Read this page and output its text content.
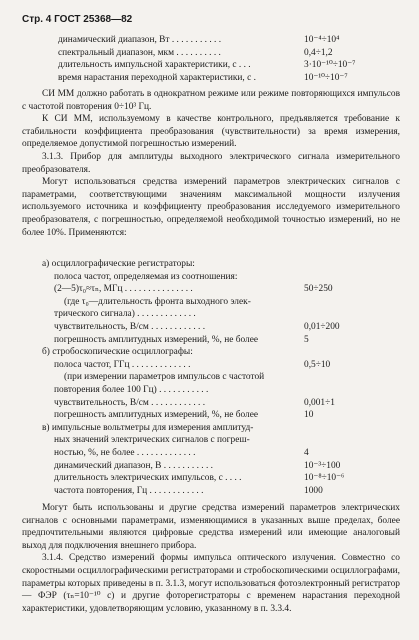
Стр. 4 ГОСТ 25368—82
динамический диапазон, Вт . . . . . . . . . . .	10⁻⁴÷10⁴
спектральный диапазон, мкм . . . . . . . . . .	0,4÷1,2
длительность импульсной характеристики, с . . .	3·10⁻¹⁰÷10⁻⁷
время нарастания переходной характеристики, с .	10⁻¹⁰÷10⁻⁷

СИ ММ должно работать в однократном режиме или режиме повторяющихся импульсов с частотой повторения 0÷10³ Гц.

К СИ ММ, используемому в качестве контрольного, предъявляется требование к стабильности коэффициента преобразования (чувствительности) за время измерения, определяемое допустимой погрешностью измерений.

3.1.3. Прибор для амплитуды выходного электрического сигнала измерительного преобразователя.

Могут использоваться средства измерений параметров электрических сигналов с параметрами, соответствующими значениям максимальной мощности излучения используемого источника и коэффициенту преобразования исследуемого измерительного преобразователя, с погрешностью, определяемой необходимой точностью измерений, но не более 10%. Применяются:

а) осциллографические регистраторы:
полоса частот, определяемая из соотношения:
(2—5)τ₀≈τₙ, МГц . . . . . . . . . . . . . . .	50÷250
(где τ₀—длительность фронта выходного элек-
трического сигнала) . . . . . . . . . . . . .
чувствительность, В/см . . . . . . . . . . . .	0,01÷200
погрешность амплитудных измерений, %, не более	5
б) стробоскопические осциллографы:
полоса частот, ГГц . . . . . . . . . . . . .	0,5÷10
(при измерении параметров импульсов с частотой
повторения более 100 Гц) . . . . . . . . . . .
чувствительность, В/см . . . . . . . . . . . .	0,001÷1
погрешность амплитудных измерений, %, не более	10
в) импульсные вольтметры для измерения амплитуд-
ных значений электрических сигналов с погреш-
ностью, %, не более . . . . . . . . . . . . .	4
динамический диапазон, В . . . . . . . . . . .	10⁻³÷100
длительность электрических импульсов, с . . . .	10⁻⁸÷10⁻⁶
частота повторения, Гц . . . . . . . . . . . .	1000

Могут быть использованы и другие средства измерений параметров электрических сигналов с основными параметрами, изменяющимися в указанных выше пределах, более предпочтительными являются цифровые средства измерений или имеющие аналоговый выход для подключения внешнего прибора.

3.1.4. Средство измерений формы импульса оптического излучения. Совместно со скоростными осциллографическими регистраторами и стробоскопическими осциллографами, параметры которых приведены в п. 3.1.3, могут использоваться фотоэлектронный регистратор — ФЭР (τₙ=10⁻¹⁰ с) и другие фоторегистраторы с временем нарастания переходной характеристики, удовлетворяющим условию, указанному в п. 3.3.4.
